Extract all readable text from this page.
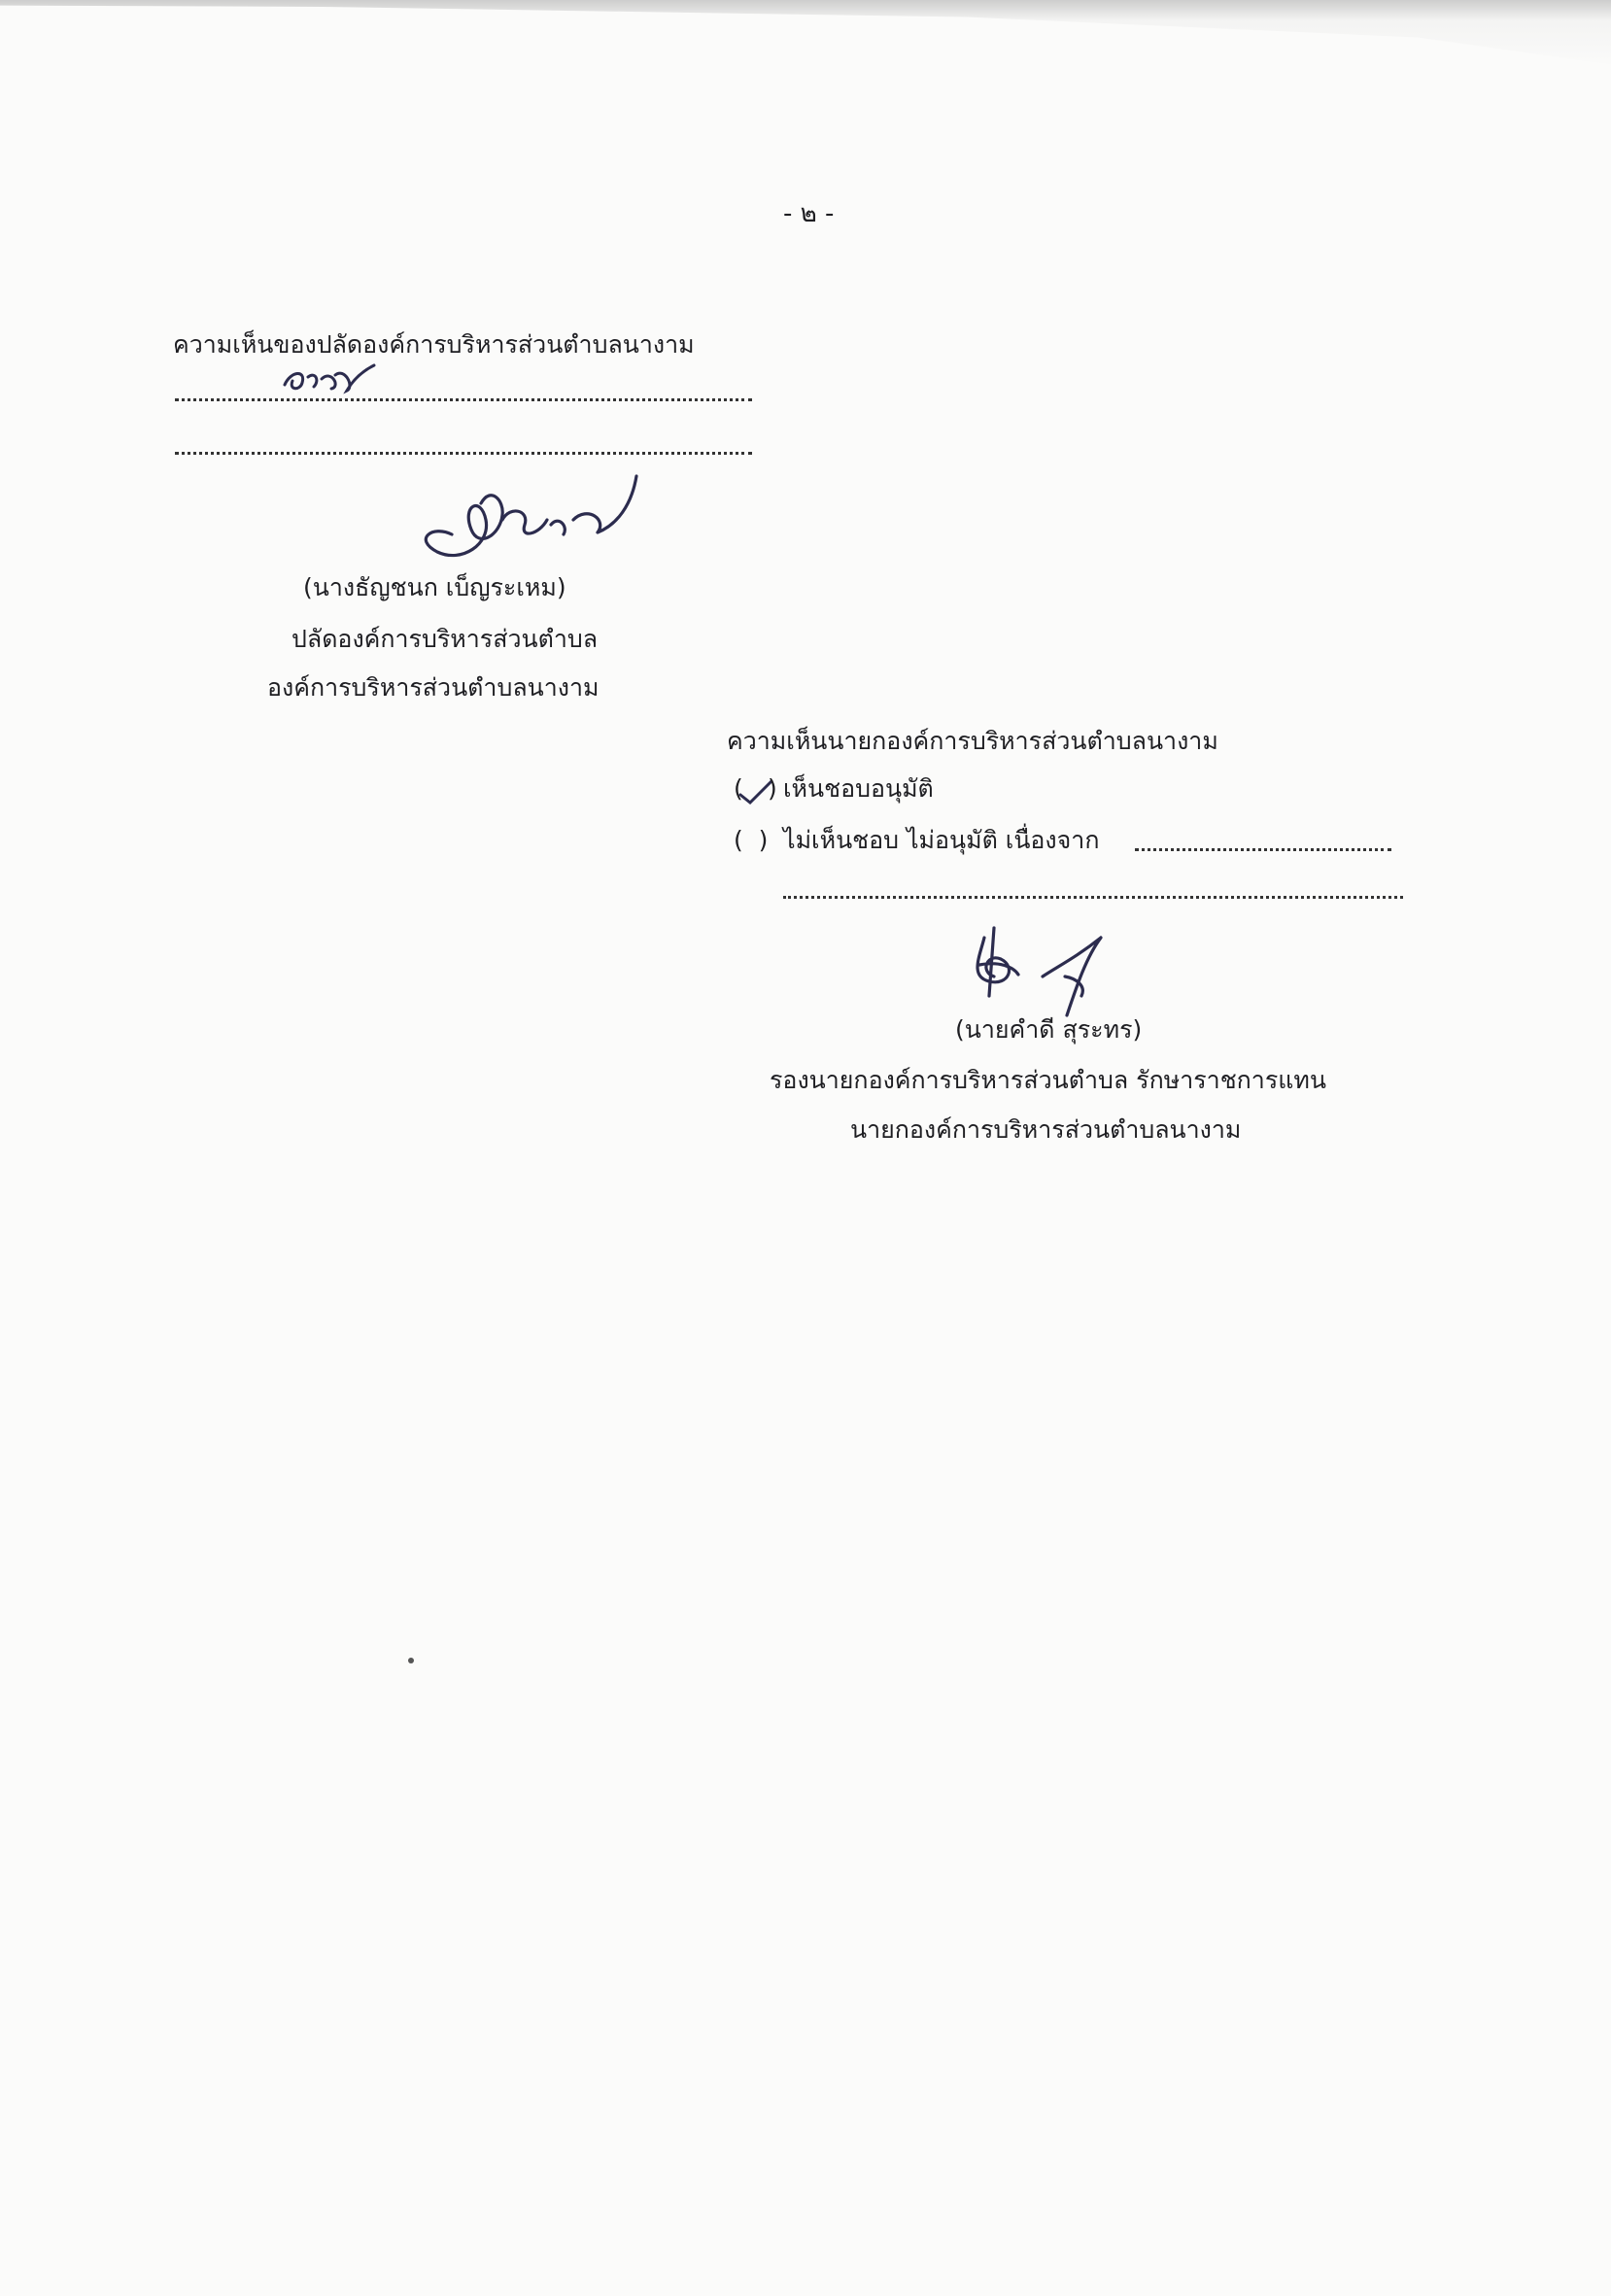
- ๒ -
ความเห็นของปลัดองค์การบริหารส่วนตำบลนางาม
(นางธัญชนก เบ็ญระเหม)
ปลัดองค์การบริหารส่วนตำบล
องค์การบริหารส่วนตำบลนางาม
ความเห็นนายกองค์การบริหารส่วนตำบลนางาม
( ) เห็นชอบอนุมัติ
(  ) ไม่เห็นชอบ ไม่อนุมัติ เนื่องจาก
(นายคำดี สุระทร)
รองนายกองค์การบริหารส่วนตำบล รักษาราชการแทน
นายกองค์การบริหารส่วนตำบลนางาม
